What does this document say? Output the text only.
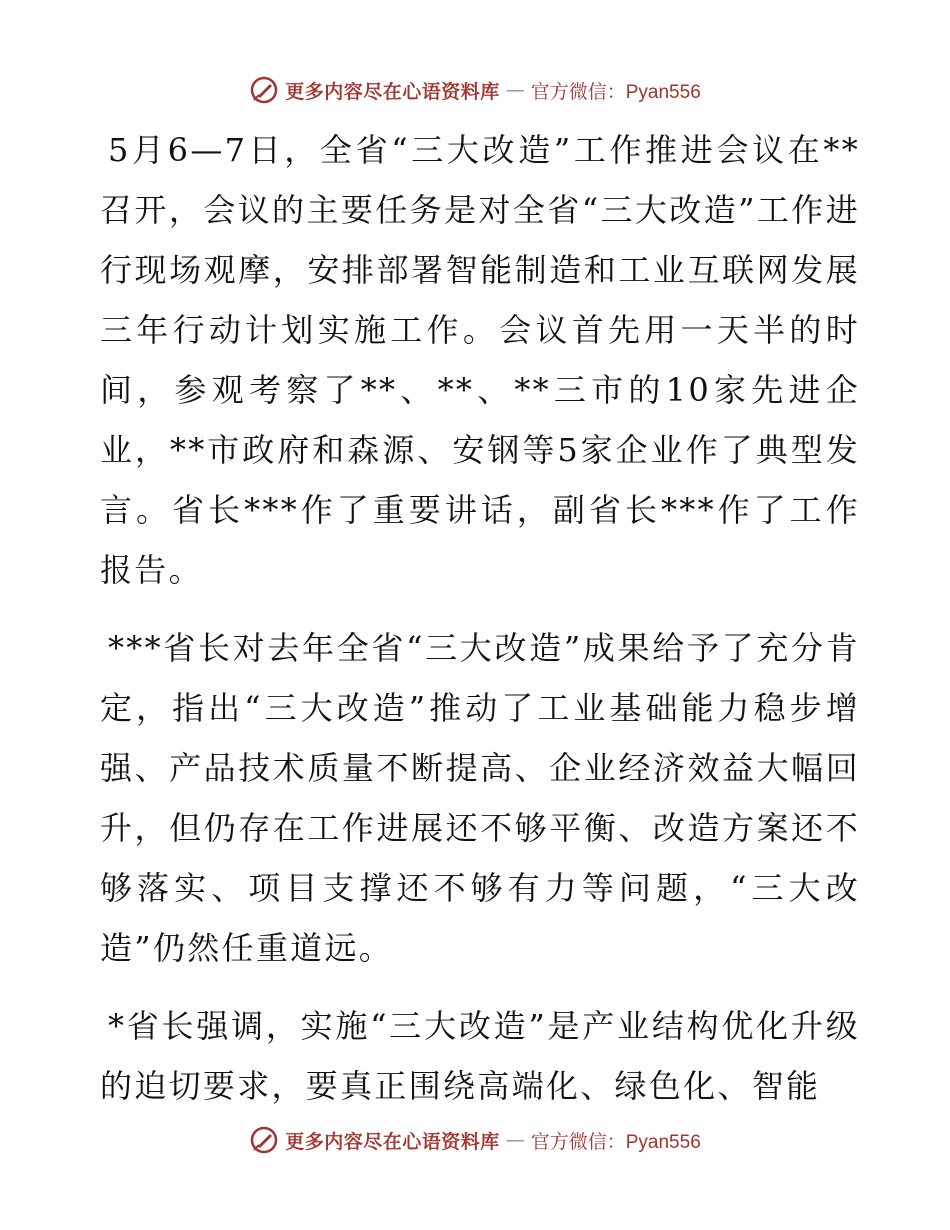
更多内容尽在心语资料库 — 官方微信：Pyan556

5月6—7日，全省“三大改造”工作推进会议在**召开，会议的主要任务是对全省“三大改造”工作进行现场观摩，安排部署智能制造和工业互联网发展三年行动计划实施工作。会议首先用一天半的时间，参观考察了**、**、**三市的10家先进企业，**市政府和森源、安钢等5家企业作了典型发言。省长***作了重要讲话，副省长***作了工作报告。

***省长对去年全省“三大改造”成果给予了充分肯定，指出“三大改造”推动了工业基础能力稳步增强、产品技术质量不断提高、企业经济效益大幅回升，但仍存在工作进展还不够平衡、改造方案还不够落实、项目支撑还不够有力等问题，“三大改造”仍然任重道远。

*省长强调，实施“三大改造”是产业结构优化升级的迫切要求，要真正围绕高端化、绿色化、智能

更多内容尽在心语资料库 — 官方微信：Pyan556
